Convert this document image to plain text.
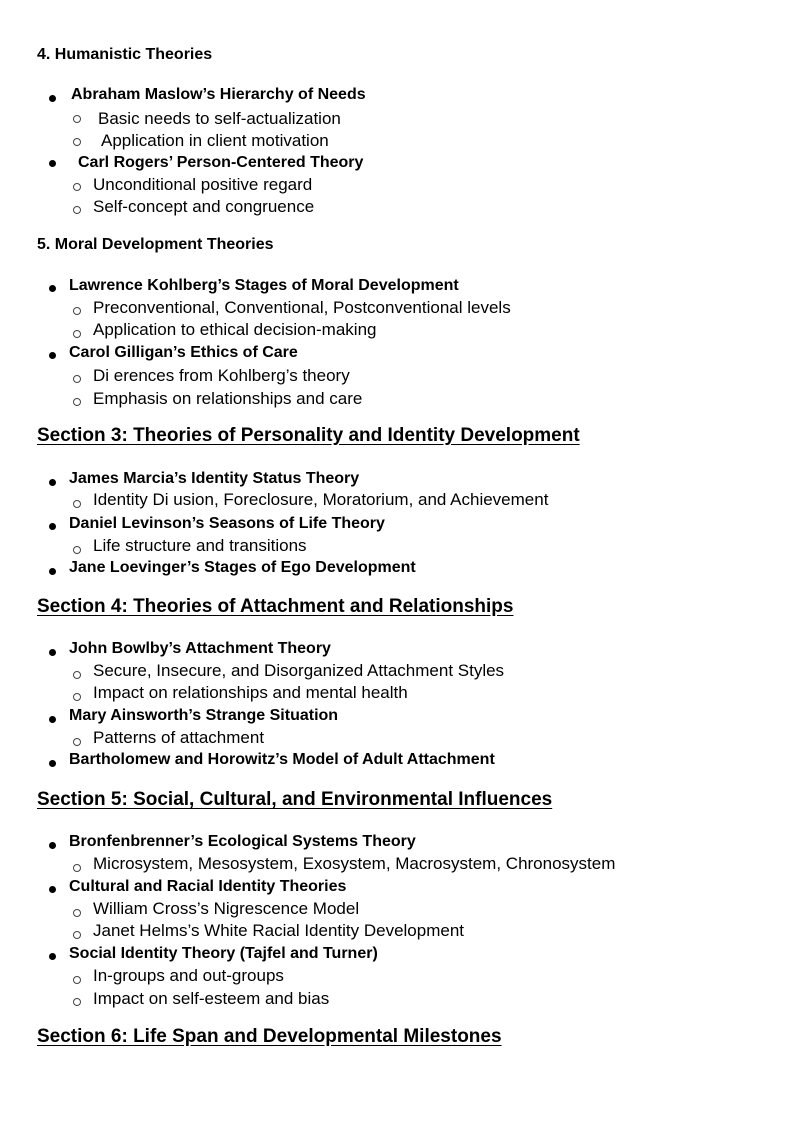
4. Humanistic Theories
Abraham Maslow’s Hierarchy of Needs
Basic needs to self-actualization
Application in client motivation
Carl Rogers’ Person-Centered Theory
Unconditional positive regard
Self-concept and congruence
5. Moral Development Theories
Lawrence Kohlberg’s Stages of Moral Development
Preconventional, Conventional, Postconventional levels
Application to ethical decision-making
Carol Gilligan’s Ethics of Care
Di erences from Kohlberg’s theory
Emphasis on relationships and care
Section 3: Theories of Personality and Identity Development
James Marcia’s Identity Status Theory
Identity Di usion, Foreclosure, Moratorium, and Achievement
Daniel Levinson’s Seasons of Life Theory
Life structure and transitions
Jane Loevinger’s Stages of Ego Development
Section 4: Theories of Attachment and Relationships
John Bowlby’s Attachment Theory
Secure, Insecure, and Disorganized Attachment Styles
Impact on relationships and mental health
Mary Ainsworth’s Strange Situation
Patterns of attachment
Bartholomew and Horowitz’s Model of Adult Attachment
Section 5: Social, Cultural, and Environmental Influences
Bronfenbrenner’s Ecological Systems Theory
Microsystem, Mesosystem, Exosystem, Macrosystem, Chronosystem
Cultural and Racial Identity Theories
William Cross’s Nigrescence Model
Janet Helms’s White Racial Identity Development
Social Identity Theory (Tajfel and Turner)
In-groups and out-groups
Impact on self-esteem and bias
Section 6: Life Span and Developmental Milestones
